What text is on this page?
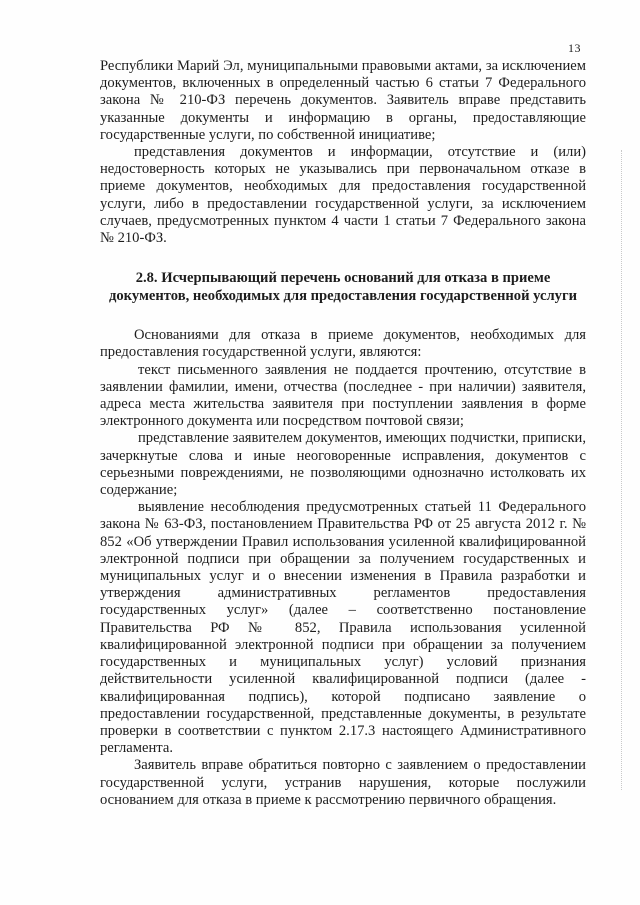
13

Республики Марий Эл, муниципальными правовыми актами, за исключением документов, включенных в определенный частью 6 статьи 7 Федерального закона № 210-ФЗ перечень документов. Заявитель вправе представить указанные документы и информацию в органы, предоставляющие государственные услуги, по собственной инициативе;

представления документов и информации, отсутствие и (или) недостоверность которых не указывались при первоначальном отказе в приеме документов, необходимых для предоставления государственной услуги, либо в предоставлении государственной услуги, за исключением случаев, предусмотренных пунктом 4 части 1 статьи 7 Федерального закона № 210-ФЗ.

2.8. Исчерпывающий перечень оснований для отказа в приеме документов, необходимых для предоставления государственной услуги

Основаниями для отказа в приеме документов, необходимых для предоставления государственной услуги, являются:

текст письменного заявления не поддается прочтению, отсутствие в заявлении фамилии, имени, отчества (последнее - при наличии) заявителя, адреса места жительства заявителя при поступлении заявления в форме электронного документа или посредством почтовой связи;

представление заявителем документов, имеющих подчистки, приписки, зачеркнутые слова и иные неоговоренные исправления, документов с серьезными повреждениями, не позволяющими однозначно истолковать их содержание;

выявление несоблюдения предусмотренных статьей 11 Федерального закона № 63-ФЗ, постановлением Правительства РФ от 25 августа 2012 г. № 852 «Об утверждении Правил использования усиленной квалифицированной электронной подписи при обращении за получением государственных и муниципальных услуг и о внесении изменения в Правила разработки и утверждения административных регламентов предоставления государственных услуг» (далее – соответственно постановление Правительства РФ № 852, Правила использования усиленной квалифицированной электронной подписи при обращении за получением государственных и муниципальных услуг) условий признания действительности усиленной квалифицированной подписи (далее - квалифицированная подпись), которой подписано заявление о предоставлении государственной, представленные документы, в результате проверки в соответствии с пунктом 2.17.3 настоящего Административного регламента.

Заявитель вправе обратиться повторно с заявлением о предоставлении государственной услуги, устранив нарушения, которые послужили основанием для отказа в приеме к рассмотрению первичного обращения.
